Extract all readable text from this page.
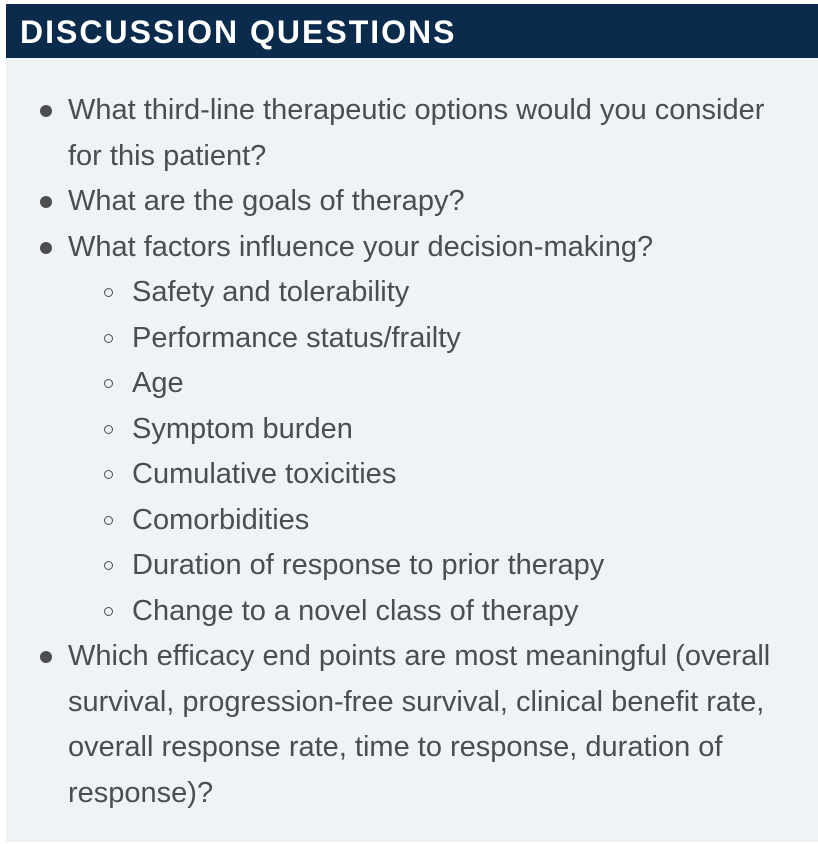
DISCUSSION QUESTIONS
What third-line therapeutic options would you consider for this patient?
What are the goals of therapy?
What factors influence your decision-making?
Safety and tolerability
Performance status/frailty
Age
Symptom burden
Cumulative toxicities
Comorbidities
Duration of response to prior therapy
Change to a novel class of therapy
Which efficacy end points are most meaningful (overall survival, progression-free survival, clinical benefit rate, overall response rate, time to response, duration of response)?
